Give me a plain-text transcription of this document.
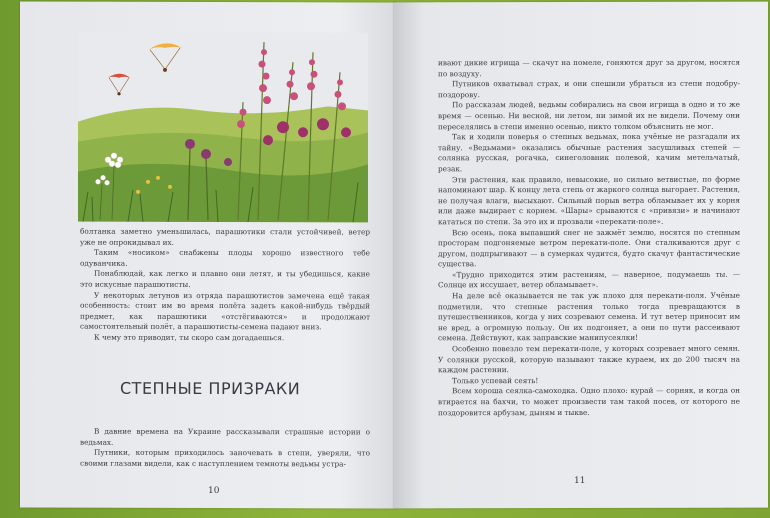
болтанка заметно уменьшилась, парашютики стали устойчивей, ветер уже не опрокидывал их.

Таким «носиком» снабжены плоды хорошо известного тебе одуванчика.

Понаблюдай, как легко и плавно они летят, и ты убедишься, какие это искусные парашютисты.

У некоторых летунов из отряда парашютистов замечена ещё такая особенность: стоит им во время полёта задеть какой-нибудь твёрдый предмет, как парашютики «отстёгиваются» и продолжают самостоятельный полёт, а парашютисты-семена падают вниз.

К чему это приводит, ты скоро сам догадаешься.

СТЕПНЫЕ ПРИЗРАКИ

В давние времена на Украине рассказывали страшные истории о ведьмах.

Путники, которым приходилось заночевать в степи, уверяли, что своими глазами видели, как с наступлением темноты ведьмы устра-

10

ивают дикие игрища — скачут на помеле, гоняются друг за другом, носятся по воздуху.

Путников охватывал страх, и они спешили убраться из степи подобру-поздорову.

По рассказам людей, ведьмы собирались на свои игрища в одно и то же время — осенью. Ни весной, ни летом, ни зимой их не видели. Почему они переселялись в степи именно осенью, никто толком объяснить не мог.

Так и ходили поверья о степных ведьмах, пока учёные не разгадали их тайну. «Ведьмами» оказались обычные растения засушливых степей — солянка русская, рогачка, синеголовник полевой, качим метельчатый, резак.

Эти растения, как правило, невысокие, но сильно ветвистые, по форме напоминают шар. К концу лета степь от жаркого солнца выгорает. Растения, не получая влаги, высыхают. Сильный порыв ветра обламывает их у корня или даже выдирает с корнем. «Шары» срываются с «привязи» и начинают кататься по степи. За это их и прозвали «перекати-поле».

Всю осень, пока выпавший снег не зажмёт землю, носятся по степным просторам подгоняемые ветром перекати-поле. Они сталкиваются друг с другом, подпрыгивают — в сумерках чудится, будто скачут фантастические существа.

«Трудно приходится этим растениям, — наверное, подумаешь ты. — Солнце их иссушает, ветер обламывает».

На деле всё оказывается не так уж плохо для перекати-поля. Учёные подметили, что степные растения только тогда превращаются в путешественников, когда у них созревают семена. И тут ветер приносит им не вред, а огромную пользу. Он их подгоняет, а они по пути рассеивают семена. Действуют, как заправские манипусеялки!

Особенно повезло тем перекати-поле, у которых созревает много семян. У солянки русской, которую называют также кураем, их до 200 тысяч на каждом растении.

Только успевай сеять!

Всем хороша сеялка-самоходка. Одно плохо: курай — сорняк, и когда он втирается на бахчи, то может произвести там такой посев, от которого не поздоровится арбузам, дыням и тыкве.

11
